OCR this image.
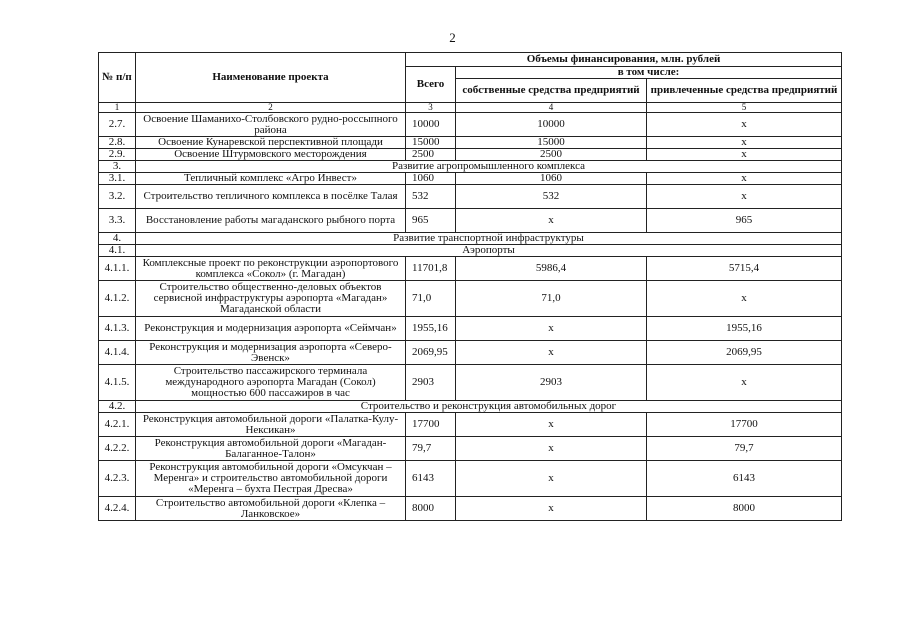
2
№ п/п	Наименование проекта	Объемы финансирования, млн. рублей		
		Всего	в том числе:	
			собственные средства предприятий	привлеченные средства предприятий
1	2	3	4	5
2.7.	Освоение Шаманихо-Столбовского рудно-россыпного района	10000	10000	х
2.8.	Освоение Кунаревской перспективной площади	15000	15000	х
2.9.	Освоение Штурмовского месторождения	2500	2500	х
3.	Развитие агропромышленного комплекса			
3.1.	Тепличный комплекс «Агро Инвест»	1060	1060	х
3.2.	Строительство тепличного комплекса в посёлке Талая	532	532	х
3.3.	Восстановление работы магаданского рыбного порта	965	х	965
4.	Развитие транспортной инфраструктуры			
4.1.	Аэропорты			
4.1.1.	Комплексные проект по реконструкции аэропортового комплекса «Сокол» (г. Магадан)	11701,8	5986,4	5715,4
4.1.2.	Строительство общественно-деловых объектов сервисной инфраструктуры аэропорта «Магадан» Магаданской области	71,0	71,0	х
4.1.3.	Реконструкция и модернизация аэропорта «Сеймчан»	1955,16	х	1955,16
4.1.4.	Реконструкция и модернизация аэропорта «Северо-Эвенск»	2069,95	х	2069,95
4.1.5.	Строительство пассажирского терминала международного аэропорта Магадан (Сокол) мощностью 600 пассажиров в час	2903	2903	х
4.2.	Строительство и реконструкция автомобильных дорог			
4.2.1.	Реконструкция автомобильной дороги «Палатка-Кулу-Нексикан»	17700	х	17700
4.2.2.	Реконструкция автомобильной дороги «Магадан-Балаганное-Талон»	79,7	х	79,7
4.2.3.	Реконструкция автомобильной дороги «Омсукчан – Меренга» и строительство автомобильной дороги «Меренга – бухта Пестрая Дресва»	6143	х	6143
4.2.4.	Строительство автомобильной дороги «Клепка – Ланковское»	8000	х	8000
